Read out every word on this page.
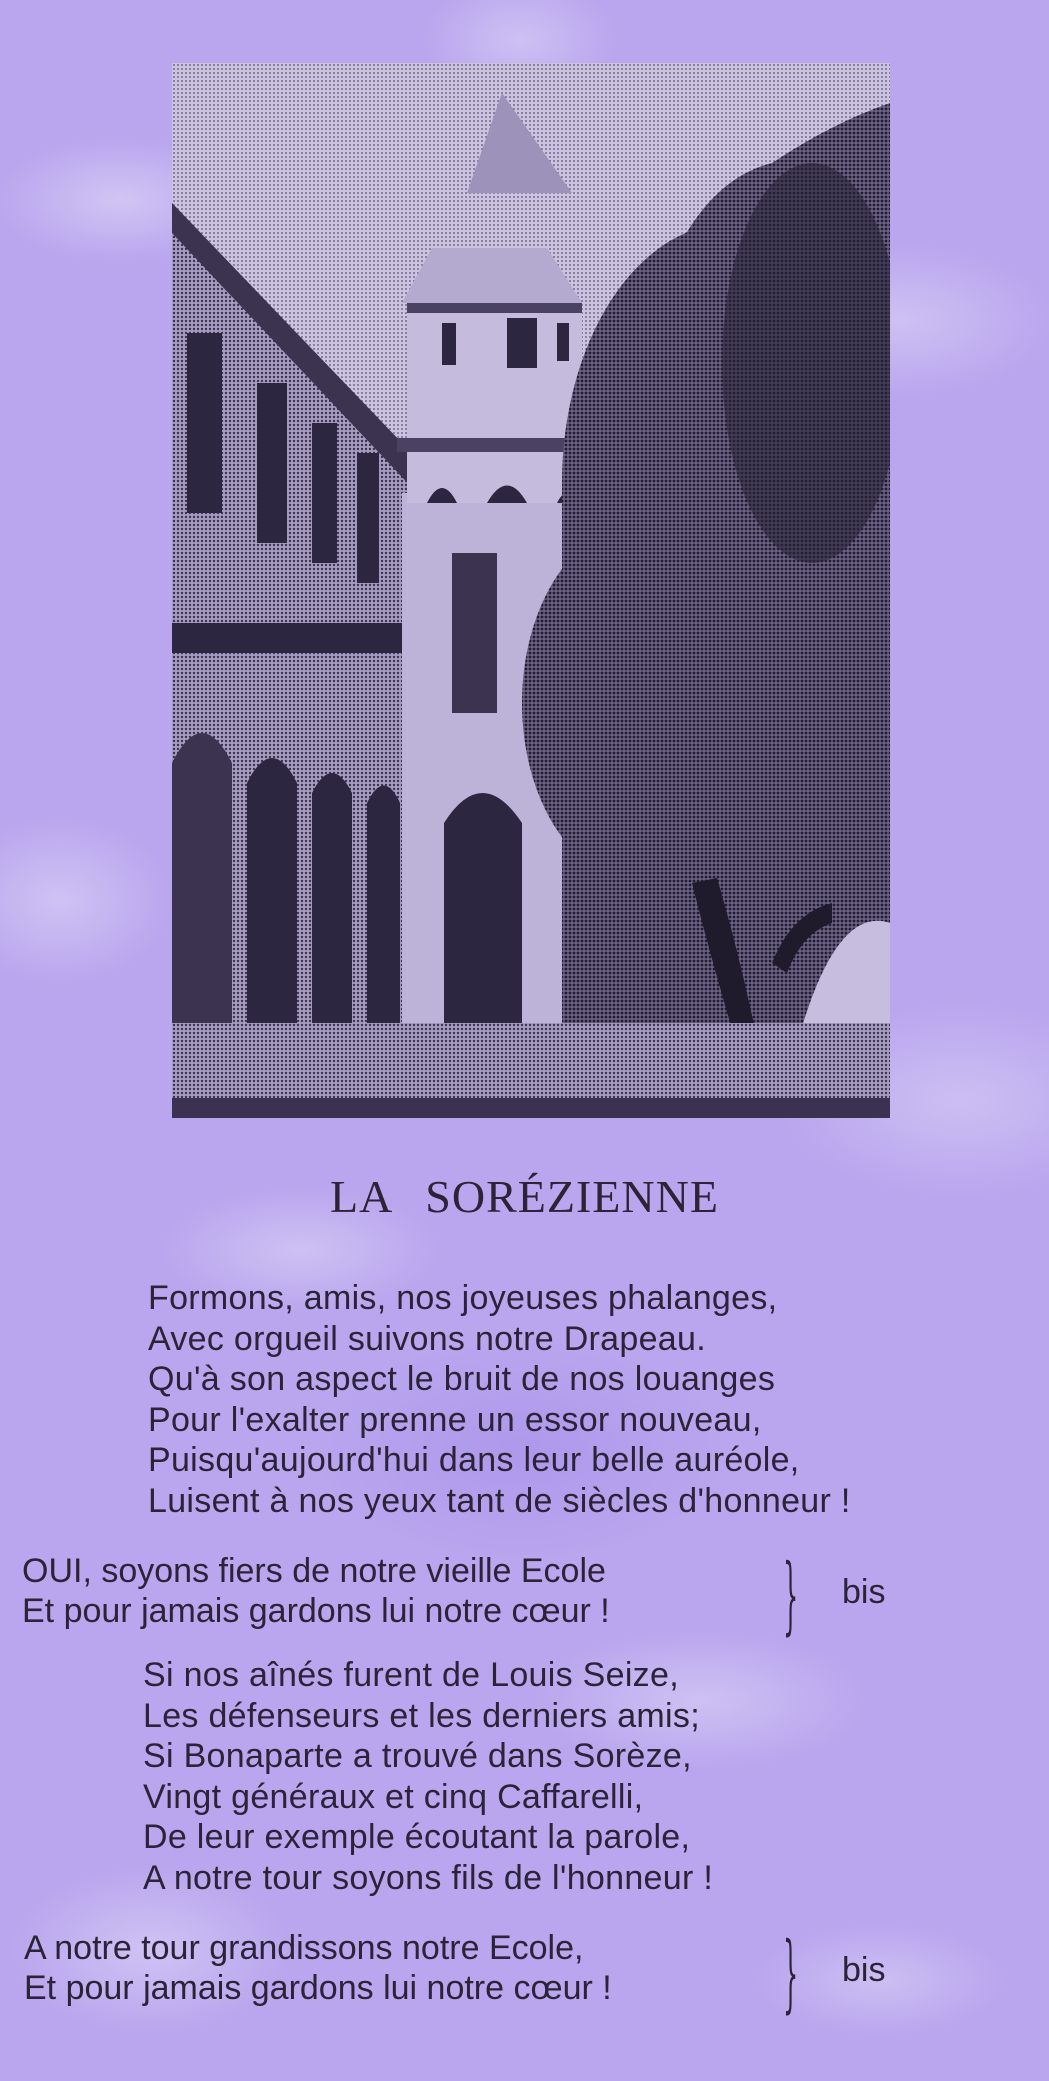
LA SORÉZIENNE
Formons, amis, nos joyeuses phalanges,
Avec orgueil suivons notre Drapeau.
Qu'à son aspect le bruit de nos louanges
Pour l'exalter prenne un essor nouveau,
Puisqu'aujourd'hui dans leur belle auréole,
Luisent à nos yeux tant de siècles d'honneur !
OUI, soyons fiers de notre vieille Ecole
Et pour jamais gardons lui notre cœur !	} bis
Si nos aînés furent de Louis Seize,
Les défenseurs et les derniers amis;
Si Bonaparte a trouvé dans Sorèze,
Vingt généraux et cinq Caffarelli,
De leur exemple écoutant la parole,
A notre tour soyons fils de l'honneur !
A notre tour grandissons notre Ecole,
Et pour jamais gardons lui notre cœur !	} bis
